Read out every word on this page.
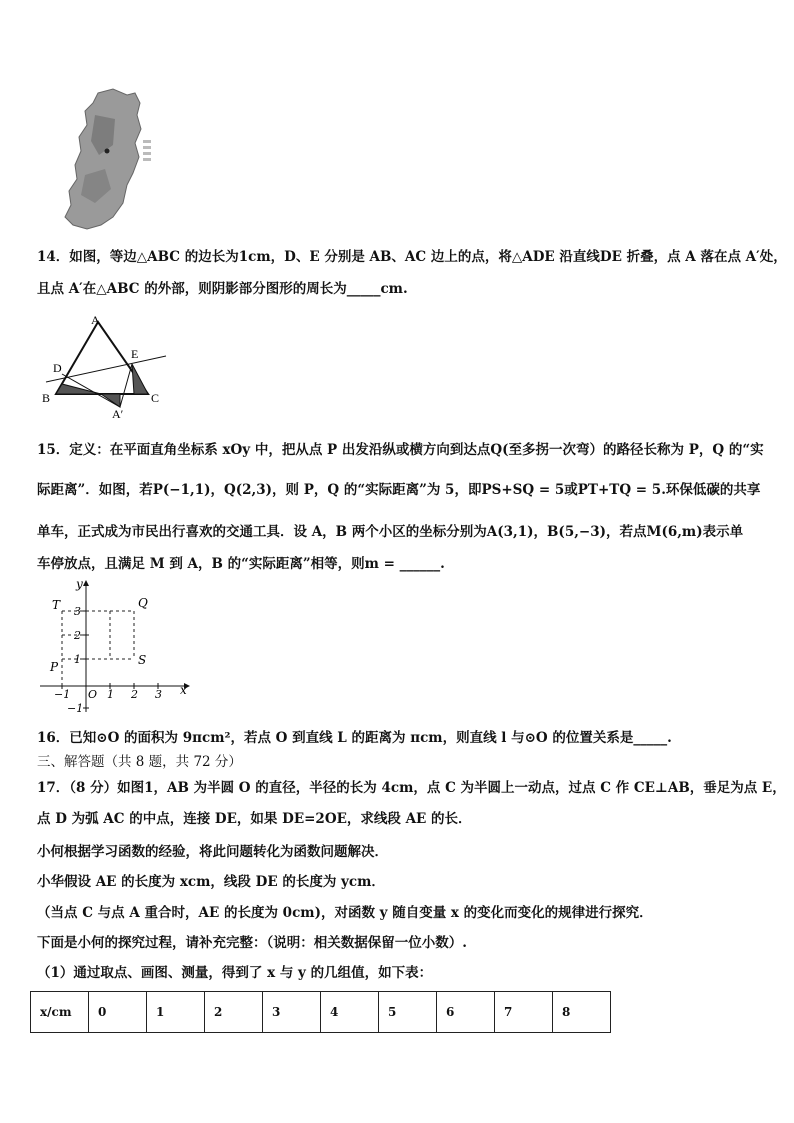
14．如图，等边△ABC 的边长为1cm，D、E 分别是 AB、AC 边上的点，将△ADE 沿直线DE 折叠，点 A 落在点 A′处，
且点 A′在△ABC 的外部，则阴影部分图形的周长为_____cm.
A
D
E
B	C
A′
15．定义：在平面直角坐标系 xOy 中，把从点 P 出发沿纵或横方向到达点Q(至多拐一次弯）的路径长称为 P，Q 的“实
际距离”．如图，若P(−1,1)，Q(2,3)，则 P，Q 的“实际距离”为 5，即PS+SQ = 5或PT+TQ = 5.环保低碳的共享
单车，正式成为市民出行喜欢的交通工具．设 A，B 两个小区的坐标分别为A(3,1)，B(5,−3)，若点M(6,m)表示单
车停放点，且满足 M 到 A，B 的“实际距离”相等，则m = ______.
y
x
O
−1	1 2 3
3
2
1
−1
T	Q
P	S
16．已知⊙O 的面积为 9πcm²，若点 O 到直线 L 的距离为 πcm，则直线 l 与⊙O 的位置关系是_____.
三、解答题（共 8 题，共 72 分）
17．（8 分）如图1，AB 为半圆 O 的直径，半径的长为 4cm，点 C 为半圆上一动点，过点 C 作 CE⊥AB，垂足为点 E，
点 D 为弧 AC 的中点，连接 DE，如果 DE=2OE，求线段 AE 的长．
小何根据学习函数的经验，将此问题转化为函数问题解决．
小华假设 AE 的长度为 xcm，线段 DE 的长度为 ycm．
（当点 C 与点 A 重合时，AE 的长度为 0cm)，对函数 y 随自变量 x 的变化而变化的规律进行探究．
下面是小何的探究过程，请补充完整：（说明：相关数据保留一位小数）.
（1）通过取点、画图、测量，得到了 x 与 y 的几组值，如下表：
x/cm	0	1	2	3	4	5	6	7	8
